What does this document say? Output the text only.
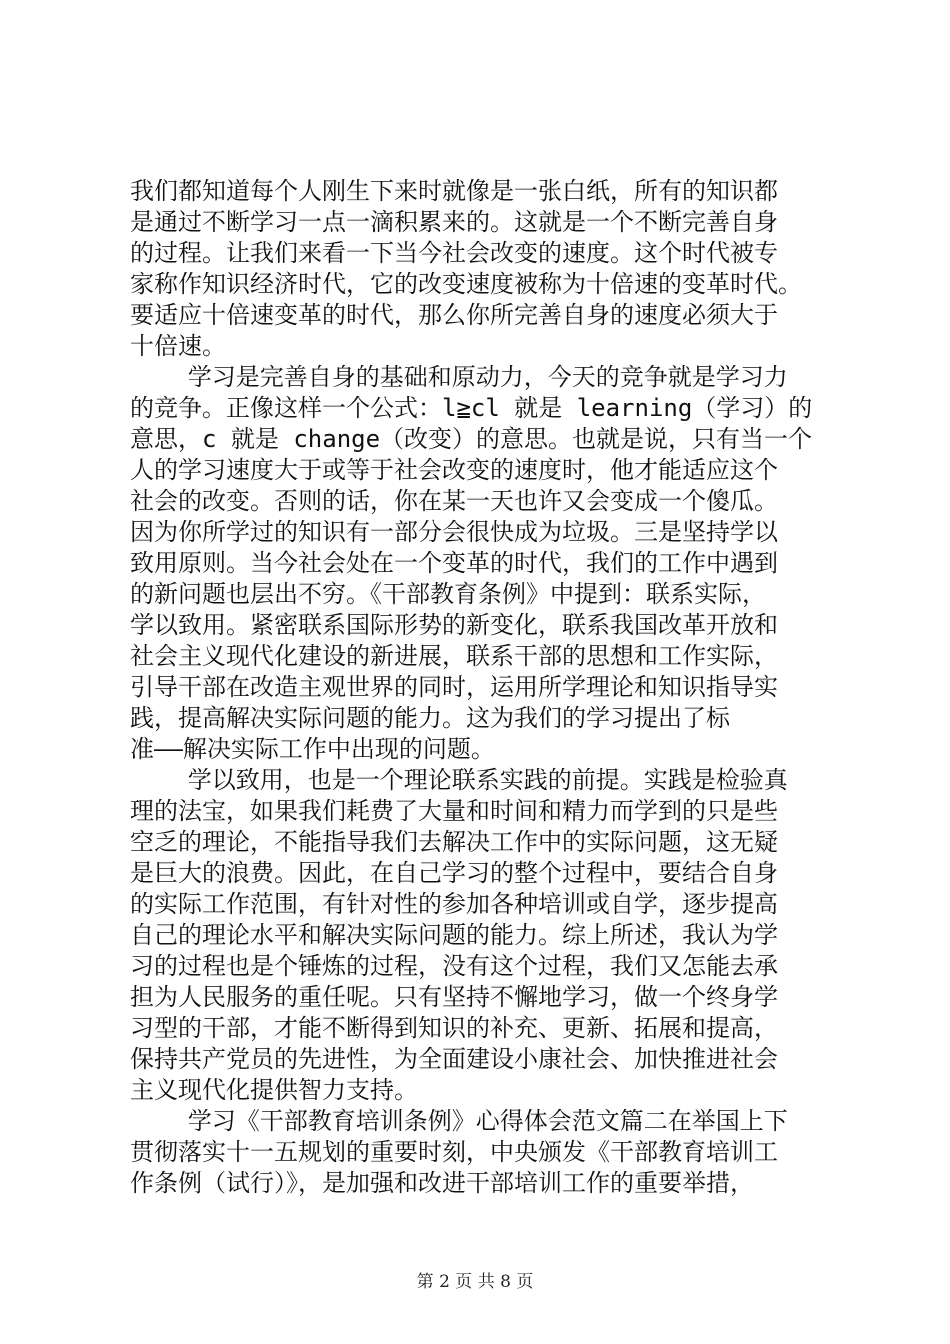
我们都知道每个人刚生下来时就像是一张白纸，所有的知识都
是通过不断学习一点一滴积累来的。这就是一个不断完善自身
的过程。让我们来看一下当今社会改变的速度。这个时代被专
家称作知识经济时代，它的改变速度被称为十倍速的变革时代。
要适应十倍速变革的时代，那么你所完善自身的速度必须大于
十倍速。
学习是完善自身的基础和原动力，今天的竞争就是学习力
的竞争。正像这样一个公式：l≧cl 就是 learning（学习）的
意思，c 就是 change（改变）的意思。也就是说，只有当一个
人的学习速度大于或等于社会改变的速度时，他才能适应这个
社会的改变。否则的话，你在某一天也许又会变成一个傻瓜。
因为你所学过的知识有一部分会很快成为垃圾。三是坚持学以
致用原则。当今社会处在一个变革的时代，我们的工作中遇到
的新问题也层出不穷。《干部教育条例》中提到：联系实际，
学以致用。紧密联系国际形势的新变化，联系我国改革开放和
社会主义现代化建设的新进展，联系干部的思想和工作实际，
引导干部在改造主观世界的同时，运用所学理论和知识指导实
践，提高解决实际问题的能力。这为我们的学习提出了标
准——解决实际工作中出现的问题。
学以致用，也是一个理论联系实践的前提。实践是检验真
理的法宝，如果我们耗费了大量和时间和精力而学到的只是些
空乏的理论，不能指导我们去解决工作中的实际问题，这无疑
是巨大的浪费。因此，在自己学习的整个过程中，要结合自身
的实际工作范围，有针对性的参加各种培训或自学，逐步提高
自己的理论水平和解决实际问题的能力。综上所述，我认为学
习的过程也是个锤炼的过程，没有这个过程，我们又怎能去承
担为人民服务的重任呢。只有坚持不懈地学习，做一个终身学
习型的干部，才能不断得到知识的补充、更新、拓展和提高，
保持共产党员的先进性，为全面建设小康社会、加快推进社会
主义现代化提供智力支持。
学习《干部教育培训条例》心得体会范文篇二在举国上下
贯彻落实十一五规划的重要时刻，中央颁发《干部教育培训工
作条例（试行）》，是加强和改进干部培训工作的重要举措，
第 2 页 共 8 页
